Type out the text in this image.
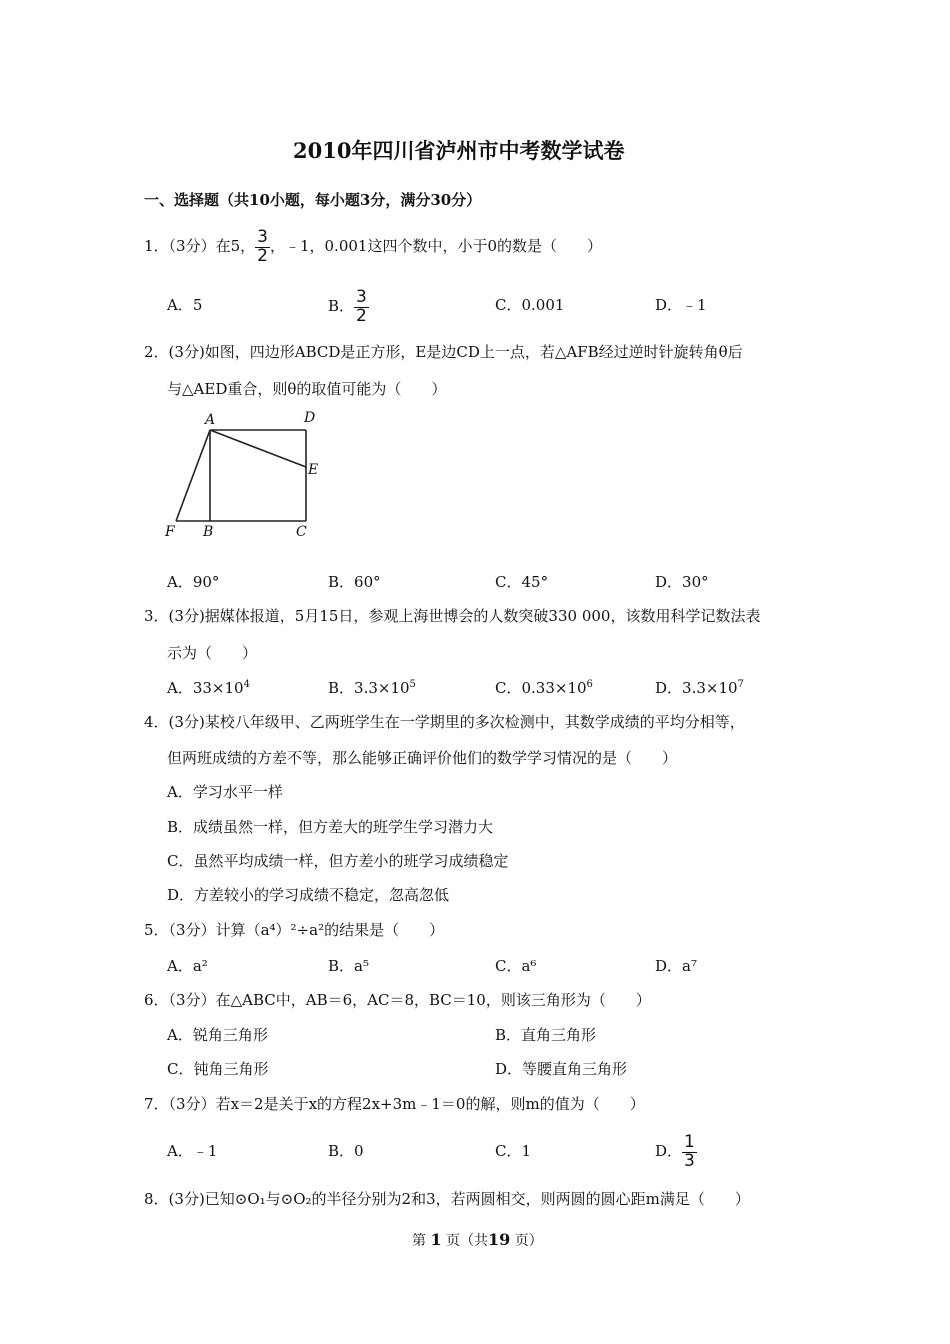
2010年四川省泸州市中考数学试卷
一、选择题（共10小题，每小题3分，满分30分）
1．（3分）在5， $\frac{3}{2}$ ，﹣1，0.001这四个数中，小于0的数是（　　）
A．5	B． $\frac{3}{2}$	C．0.001	D．﹣1
2．(3分)如图，四边形ABCD是正方形，E是边CD上一点，若△AFB经过逆时针旋转角θ后
与△AED重合，则θ的取值可能为（　　）
A	D
E
F B	C
A．90°	B．60°	C．45°	D．30°
3．(3分)据媒体报道，5月15日，参观上海世博会的人数突破330 000，该数用科学记数法表
示为（　　）
A．$33\times 10^4$	B．$3.3\times 10^5$	C．$0.33\times 10^6$	D．$3.3\times 10^7$
4．(3分)某校八年级甲、乙两班学生在一学期里的多次检测中，其数学成绩的平均分相等，
但两班成绩的方差不等，那么能够正确评价他们的数学学习情况的是（　　）
A．学习水平一样
B．成绩虽然一样，但方差大的班学生学习潜力大
C．虽然平均成绩一样，但方差小的班学习成绩稳定
D．方差较小的学习成绩不稳定，忽高忽低
5．（3分）计算（a⁴）²÷a²的结果是（　　）
A．a²	B．a⁵	C．a⁶	D．a⁷
6．（3分）在△ABC中，AB＝6，AC＝8，BC＝10，则该三角形为（　　）
A．锐角三角形	B．直角三角形
C．钝角三角形	D．等腰直角三角形
7．（3分）若x＝2是关于x的方程2x+3m﹣1＝0的解，则m的值为（　　）
A．﹣1	B．0	C．1	D． $\frac{1}{3}$
8．(3分)已知⊙O₁与⊙O₂的半径分别为2和3，若两圆相交，则两圆的圆心距m满足（　　）
第 1 页（共19 页）
